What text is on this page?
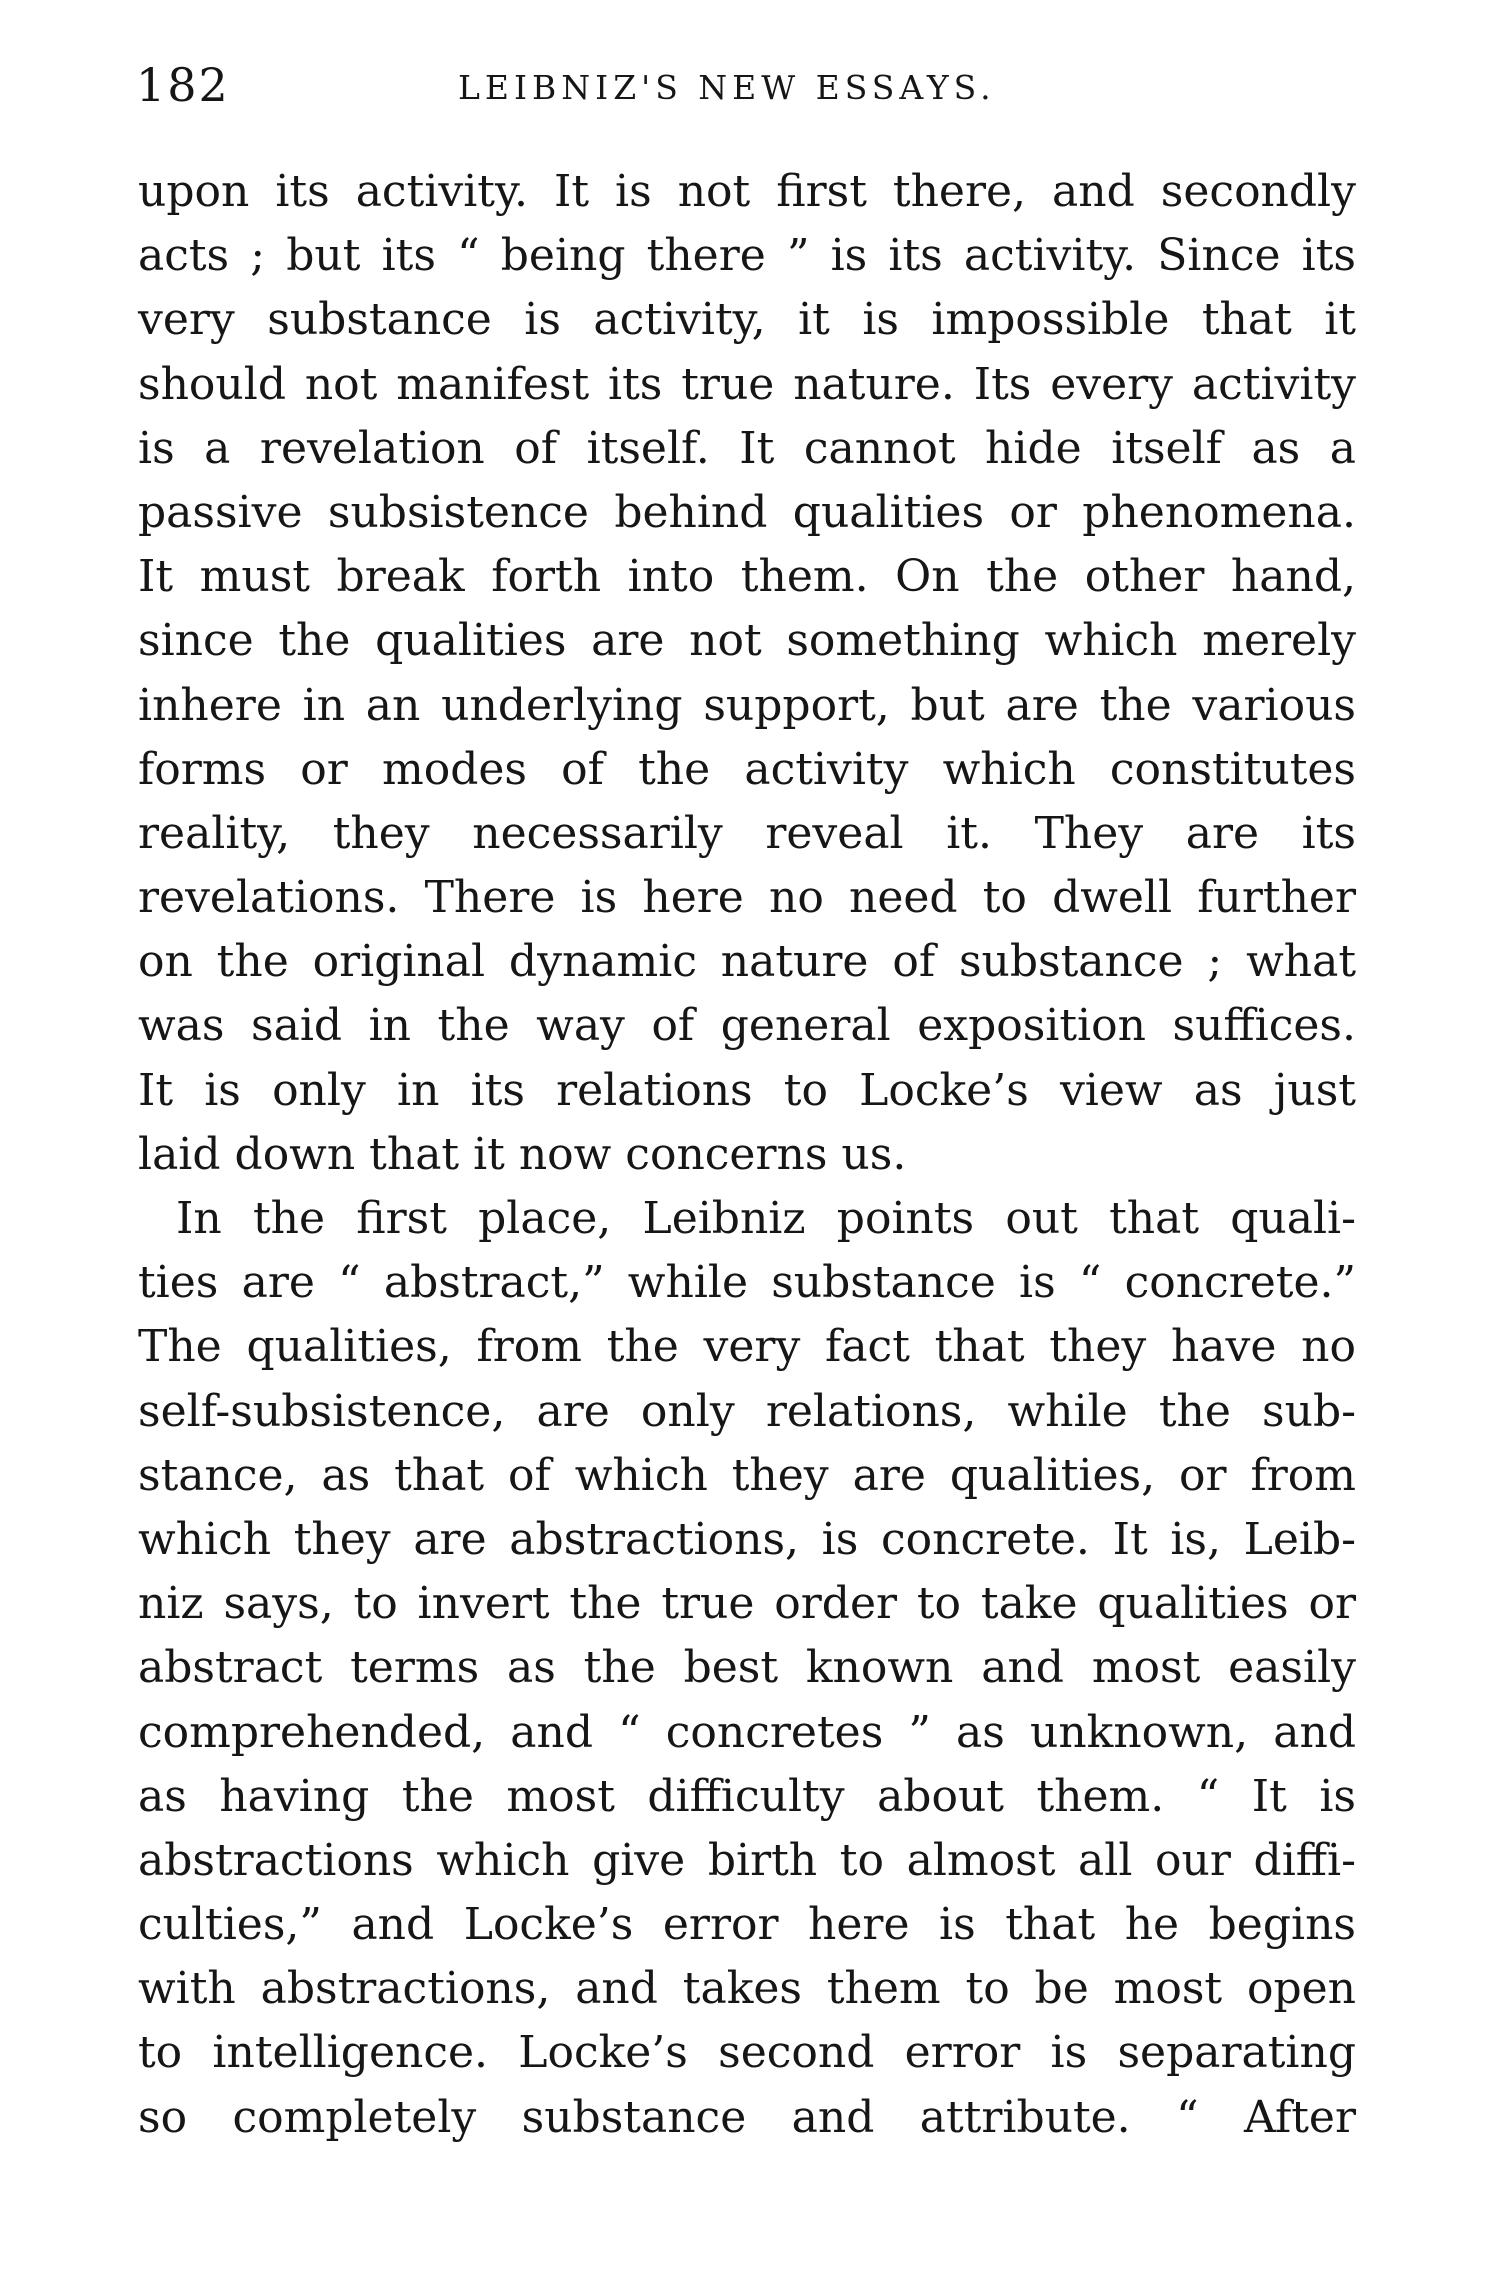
182	LEIBNIZ'S NEW ESSAYS.
upon its activity. It is not first there, and secondly
acts ; but its “ being there ” is its activity. Since its
very substance is activity, it is impossible that it
should not manifest its true nature. Its every activity
is a revelation of itself. It cannot hide itself as a
passive subsistence behind qualities or phenomena.
It must break forth into them. On the other hand,
since the qualities are not something which merely
inhere in an underlying support, but are the various
forms or modes of the activity which constitutes
reality, they necessarily reveal it. They are its
revelations. There is here no need to dwell further
on the original dynamic nature of substance ; what
was said in the way of general exposition suffices.
It is only in its relations to Locke’s view as just
laid down that it now concerns us.
In the first place, Leibniz points out that quali-
ties are “ abstract,” while substance is “ concrete.”
The qualities, from the very fact that they have no
self-subsistence, are only relations, while the sub-
stance, as that of which they are qualities, or from
which they are abstractions, is concrete. It is, Leib-
niz says, to invert the true order to take qualities or
abstract terms as the best known and most easily
comprehended, and “ concretes ” as unknown, and
as having the most difficulty about them. “ It is
abstractions which give birth to almost all our diffi-
culties,” and Locke’s error here is that he begins
with abstractions, and takes them to be most open
to intelligence. Locke’s second error is separating
so completely substance and attribute. “ After
